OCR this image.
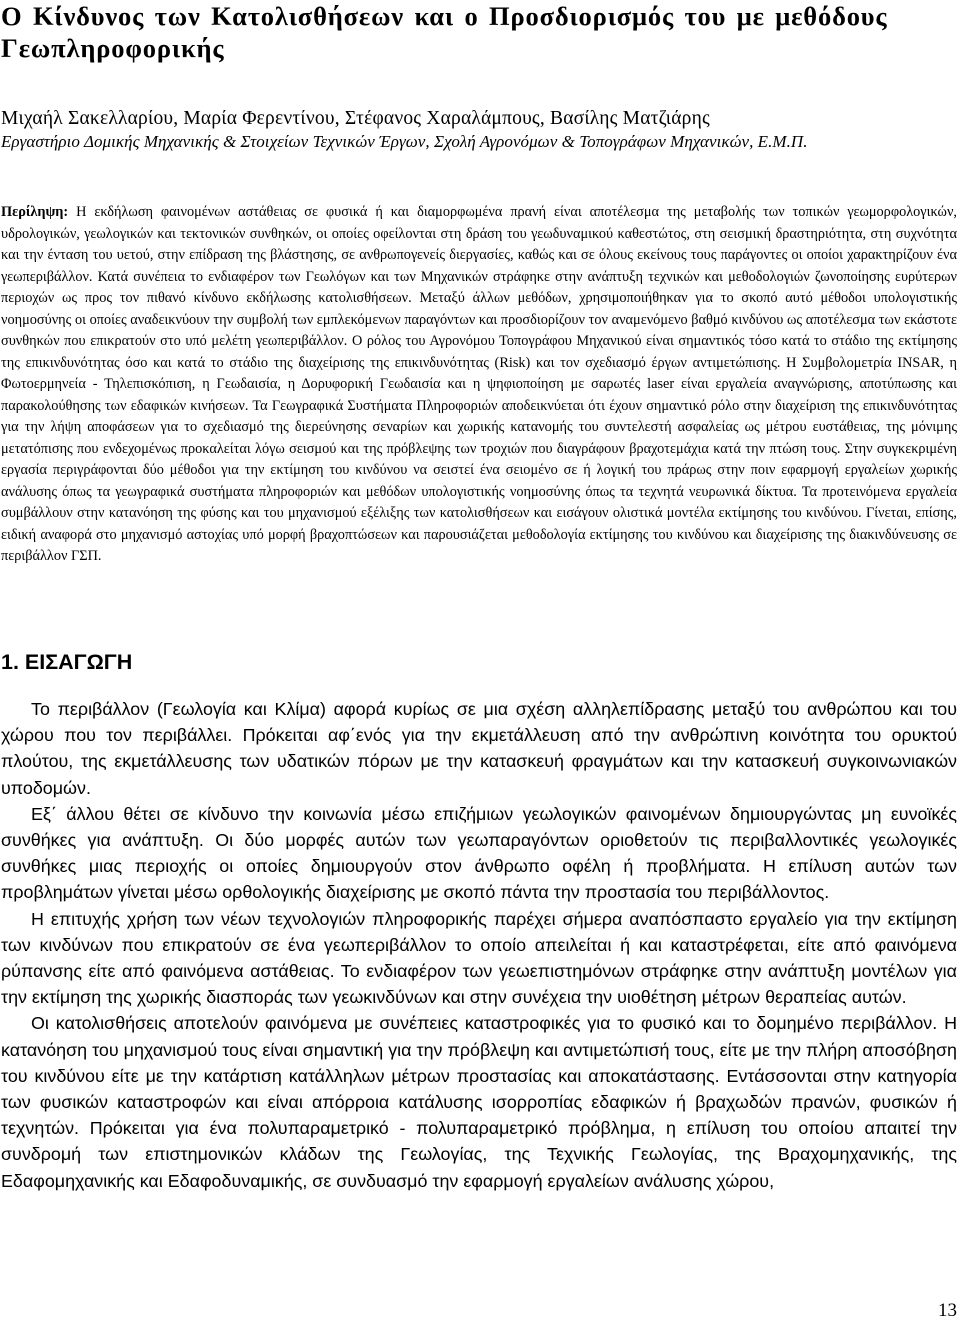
Ο Κίνδυνος των Κατολισθήσεων και ο Προσδιορισμός του με μεθόδους Γεωπληροφορικής

Μιχαήλ Σακελλαρίου, Μαρία Φερεντίνου, Στέφανος Χαραλάμπους, Βασίλης Ματζιάρης

Εργαστήριο Δομικής Μηχανικής & Στοιχείων Τεχνικών Έργων, Σχολή Αγρονόμων & Τοπογράφων Μηχανικών, Ε.Μ.Π.

Περίληψη: Η εκδήλωση φαινομένων αστάθειας σε φυσικά ή και διαμορφωμένα πρανή είναι αποτέλεσμα της μεταβολής των τοπικών γεωμορφολογικών, υδρολογικών, γεωλογικών και τεκτονικών συνθηκών, οι οποίες οφείλονται στη δράση του γεωδυναμικού καθεστώτος, στη σεισμική δραστηριότητα, στη συχνότητα και την ένταση του υετού, στην επίδραση της βλάστησης, σε ανθρωπογενείς διεργασίες, καθώς και σε όλους εκείνους τους παράγοντες οι οποίοι χαρακτηρίζουν ένα γεωπεριβάλλον. Κατά συνέπεια το ενδιαφέρον των Γεωλόγων και των Μηχανικών στράφηκε στην ανάπτυξη τεχνικών και μεθοδολογιών ζωνοποίησης ευρύτερων περιοχών ως προς τον πιθανό κίνδυνο εκδήλωσης κατολισθήσεων. Μεταξύ άλλων μεθόδων, χρησιμοποιήθηκαν για το σκοπό αυτό μέθοδοι υπολογιστικής νοημοσύνης οι οποίες αναδεικνύουν την συμβολή των εμπλεκόμενων παραγόντων και προσδιορίζουν τον αναμενόμενο βαθμό κινδύνου ως αποτέλεσμα των εκάστοτε συνθηκών που επικρατούν στο υπό μελέτη γεωπεριβάλλον. Ο ρόλος του Αγρονόμου Τοπογράφου Μηχανικού είναι σημαντικός τόσο κατά το στάδιο της εκτίμησης της επικινδυνότητας όσο και κατά το στάδιο της διαχείρισης της επικινδυνότητας (Risk) και τον σχεδιασμό έργων αντιμετώπισης. Η Συμβολομετρία INSAR, η Φωτοερμηνεία - Τηλεπισκόπιση, η Γεωδαισία, η Δορυφορική Γεωδαισία και η ψηφιοποίηση με σαρωτές laser είναι εργαλεία αναγνώρισης, αποτύπωσης και παρακολούθησης των εδαφικών κινήσεων. Τα Γεωγραφικά Συστήματα Πληροφοριών αποδεικνύεται ότι έχουν σημαντικό ρόλο στην διαχείριση της επικινδυνότητας για την λήψη αποφάσεων για το σχεδιασμό της διερεύνησης σεναρίων και χωρικής κατανομής του συντελεστή ασφαλείας ως μέτρου ευστάθειας, της μόνιμης μετατόπισης που ενδεχομένως προκαλείται λόγω σεισμού και της πρόβλεψης των τροχιών που διαγράφουν βραχοτεμάχια κατά την πτώση τους. Στην συγκεκριμένη εργασία περιγράφονται δύο μέθοδοι για την εκτίμηση του κινδύνου να σειστεί ένα σειομένο σε ή λογική του πράρως στην ποιν εφαρμογή εργαλείων χωρικής ανάλυσης όπως τα γεωγραφικά συστήματα πληροφοριών και μεθόδων υπολογιστικής νοημοσύνης όπως τα τεχνητά νευρωνικά δίκτυα. Τα προτεινόμενα εργαλεία συμβάλλουν στην κατανόηση της φύσης και του μηχανισμού εξέλιξης των κατολισθήσεων και εισάγουν ολιστικά μοντέλα εκτίμησης του κινδύνου. Γίνεται, επίσης, ειδική αναφορά στο μηχανισμό αστοχίας υπό μορφή βραχοπτώσεων και παρουσιάζεται μεθοδολογία εκτίμησης του κινδύνου και διαχείρισης της διακινδύνευσης σε περιβάλλον ΓΣΠ.

1. ΕΙΣΑΓΩΓΗ

Το περιβάλλον (Γεωλογία και Κλίμα) αφορά κυρίως σε μια σχέση αλληλεπίδρασης μεταξύ του ανθρώπου και του χώρου που τον περιβάλλει. Πρόκειται αφ΄ενός για την εκμετάλλευση από την ανθρώπινη κοινότητα του ορυκτού πλούτου, της εκμετάλλευσης των υδατικών πόρων με την κατασκευή φραγμάτων και την κατασκευή συγκοινωνιακών υποδομών.

Εξ΄ άλλου θέτει σε κίνδυνο την κοινωνία μέσω επιζήμιων γεωλογικών φαινομένων δημιουργώντας μη ευνοϊκές συνθήκες για ανάπτυξη. Οι δύο μορφές αυτών των γεωπαραγόντων οριοθετούν τις περιβαλλοντικές γεωλογικές συνθήκες μιας περιοχής οι οποίες δημιουργούν στον άνθρωπο οφέλη ή προβλήματα. Η επίλυση αυτών των προβλημάτων γίνεται μέσω ορθολογικής διαχείρισης με σκοπό πάντα την προστασία του περιβάλλοντος.

Η επιτυχής χρήση των νέων τεχνολογιών πληροφορικής παρέχει σήμερα αναπόσπαστο εργαλείο για την εκτίμηση των κινδύνων που επικρατούν σε ένα γεωπεριβάλλον το οποίο απειλείται ή και καταστρέφεται, είτε από φαινόμενα ρύπανσης είτε από φαινόμενα αστάθειας. Το ενδιαφέρον των γεωεπιστημόνων στράφηκε στην ανάπτυξη μοντέλων για την εκτίμηση της χωρικής διασποράς των γεωκινδύνων και στην συνέχεια την υιοθέτηση μέτρων θεραπείας αυτών.

Οι κατολισθήσεις αποτελούν φαινόμενα με συνέπειες καταστροφικές για το φυσικό και το δομημένο περιβάλλον. Η κατανόηση του μηχανισμού τους είναι σημαντική για την πρόβλεψη και αντιμετώπισή τους, είτε με την πλήρη αποσόβηση του κινδύνου είτε με την κατάρτιση κατάλληλων μέτρων προστασίας και αποκατάστασης. Εντάσσονται στην κατηγορία των φυσικών καταστροφών και είναι απόρροια κατάλυσης ισορροπίας εδαφικών ή βραχωδών πρανών, φυσικών ή τεχνητών. Πρόκειται για ένα πολυπαραμετρικό - πολυπαραμετρικό πρόβλημα, η επίλυση του οποίου απαιτεί την συνδρομή των επιστημονικών κλάδων της Γεωλογίας, της Τεχνικής Γεωλογίας, της Βραχομηχανικής, της Εδαφομηχανικής και Εδαφοδυναμικής, σε συνδυασμό την εφαρμογή εργαλείων ανάλυσης χώρου,

13
